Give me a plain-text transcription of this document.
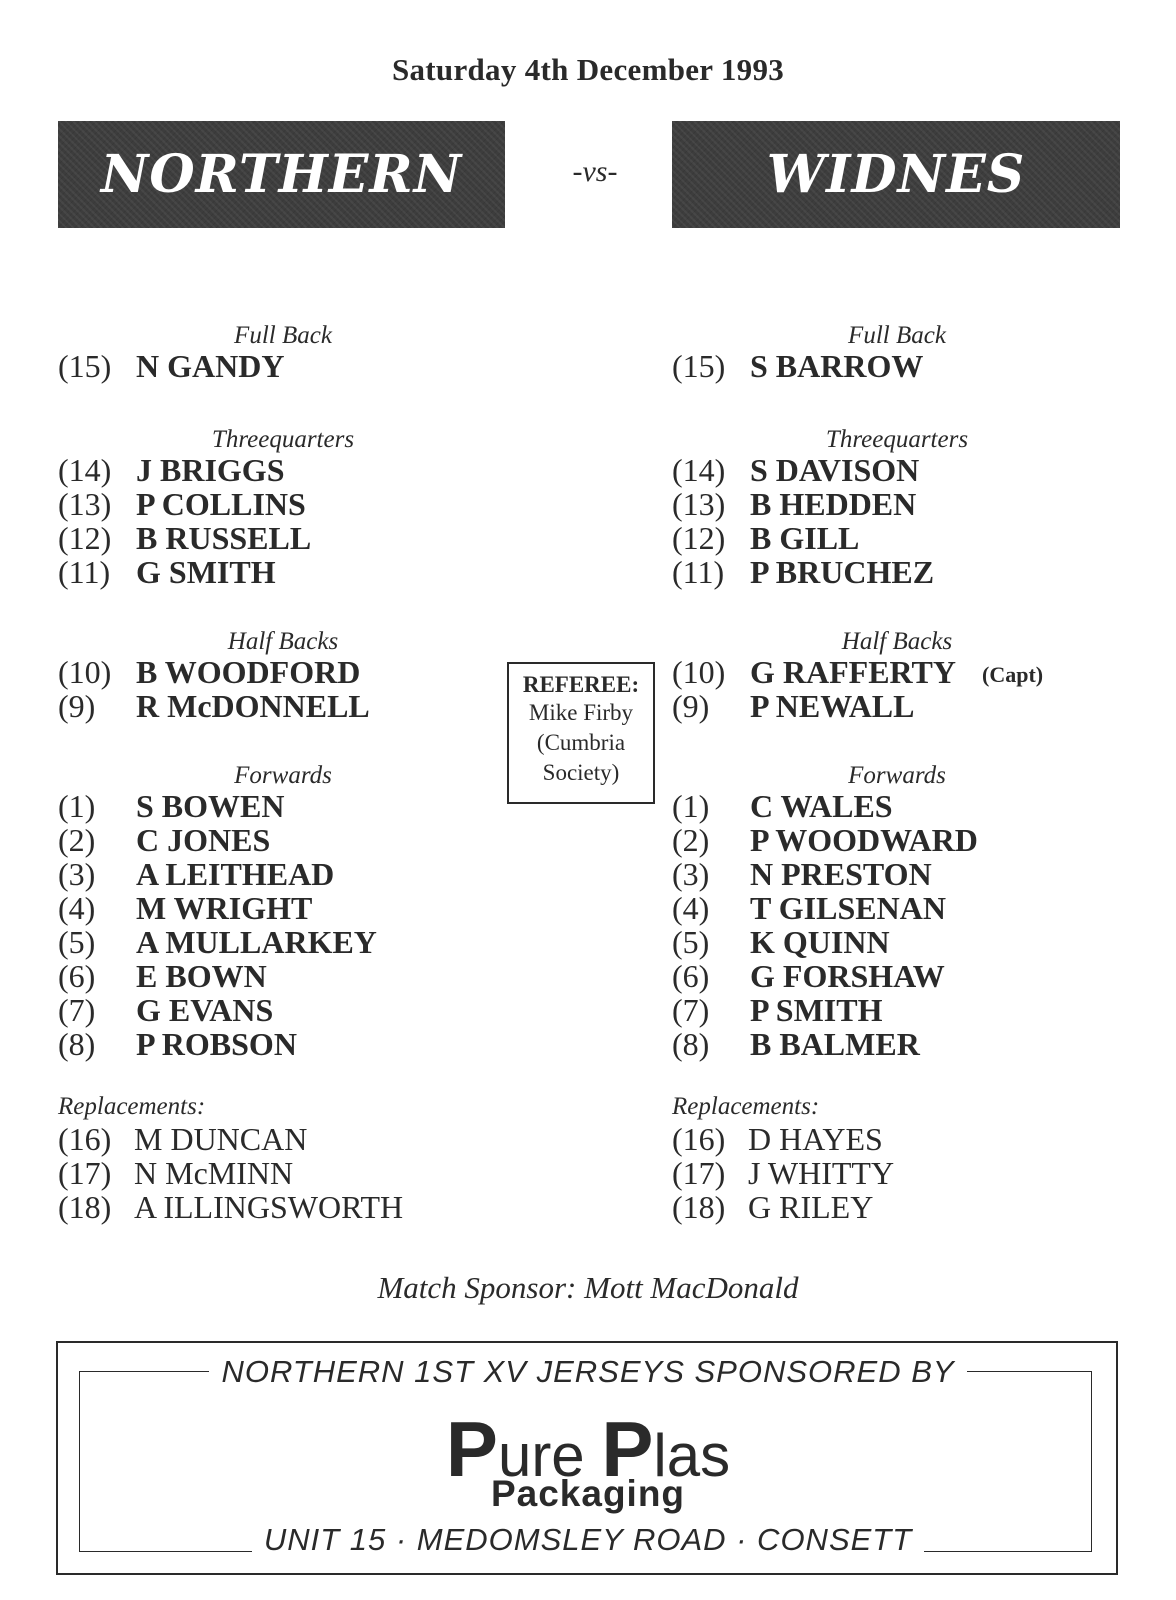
Saturday 4th December 1993
NORTHERN	-vs-	WIDNES
Full Back
(15) N GANDY
Threequarters
(14) J BRIGGS
(13) P COLLINS
(12) B RUSSELL
(11) G SMITH
Half Backs
(10) B WOODFORD
(9) R McDONNELL
Forwards
(1) S BOWEN
(2) C JONES
(3) A LEITHEAD
(4) M WRIGHT
(5) A MULLARKEY
(6) E BOWN
(7) G EVANS
(8) P ROBSON
Replacements:
(16) M DUNCAN
(17) N McMINN
(18) A ILLINGSWORTH
Full Back
(15) S BARROW
Threequarters
(14) S DAVISON
(13) B HEDDEN
(12) B GILL
(11) P BRUCHEZ
Half Backs
(10) G RAFFERTY (Capt)
(9) P NEWALL
Forwards
(1) C WALES
(2) P WOODWARD
(3) N PRESTON
(4) T GILSENAN
(5) K QUINN
(6) G FORSHAW
(7) P SMITH
(8) B BALMER
Replacements:
(16) D HAYES
(17) J WHITTY
(18) G RILEY
REFEREE:
Mike Firby
(Cumbria
Society)
Match Sponsor: Mott MacDonald
NORTHERN 1ST XV JERSEYS SPONSORED BY
Pure Plas
Packaging
UNIT 15 · MEDOMSLEY ROAD · CONSETT
